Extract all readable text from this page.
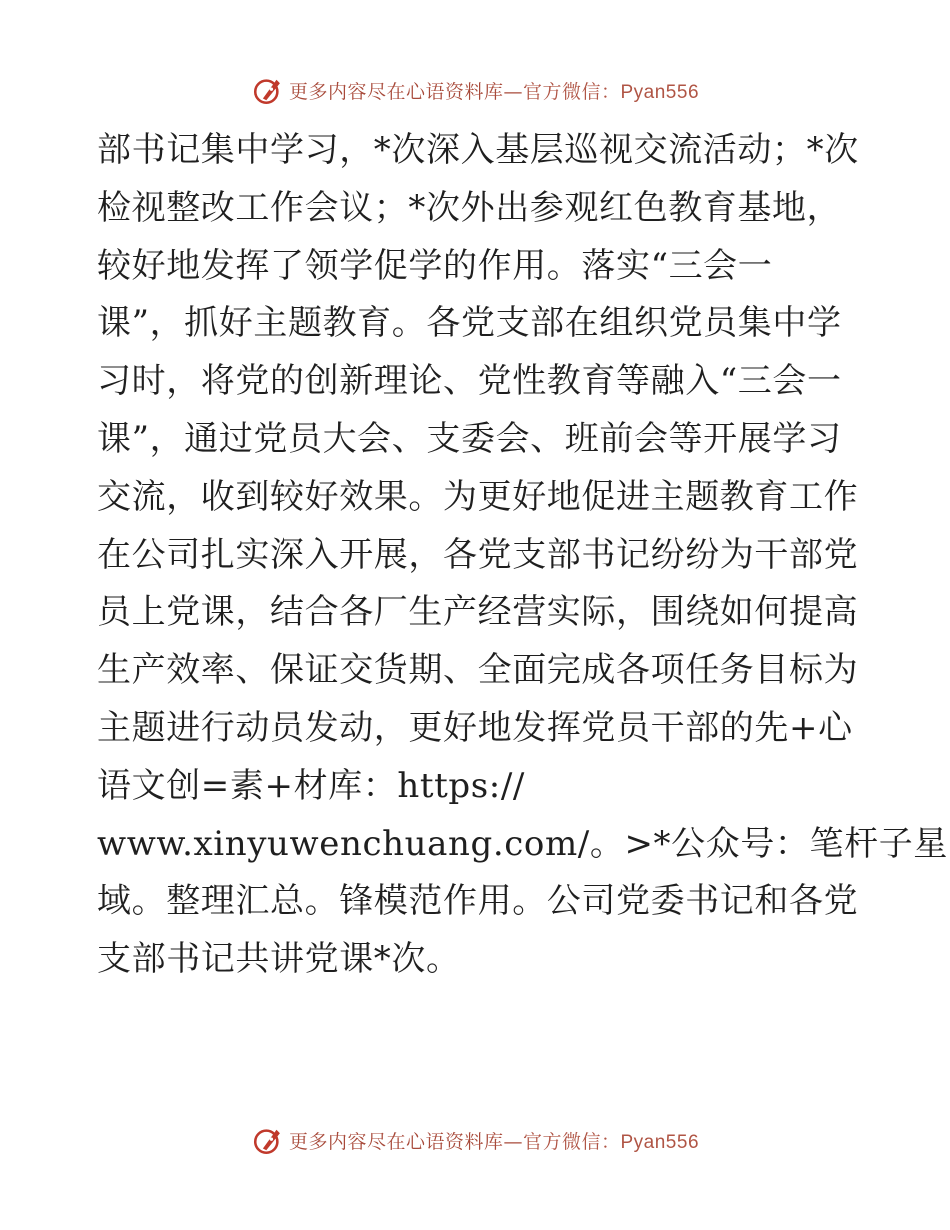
更多内容尽在心语资料库—官方微信：Pyan556
部书记集中学习，*次深入基层巡视交流活动；*次
检视整改工作会议；*次外出参观红色教育基地，
较好地发挥了领学促学的作用。落实“三会一
课”，抓好主题教育。各党支部在组织党员集中学
习时，将党的创新理论、党性教育等融入“三会一
课”，通过党员大会、支委会、班前会等开展学习
交流，收到较好效果。为更好地促进主题教育工作
在公司扎实深入开展，各党支部书记纷纷为干部党
员上党课，结合各厂生产经营实际，围绕如何提高
生产效率、保证交货期、全面完成各项任务目标为
主题进行动员发动，更好地发挥党员干部的先+心
语文创=素+材库：https://
www.xinyuwenchuang.com/。>*公众号：笔杆子星
域。整理汇总。锋模范作用。公司党委书记和各党
支部书记共讲党课*次。
更多内容尽在心语资料库—官方微信：Pyan556
